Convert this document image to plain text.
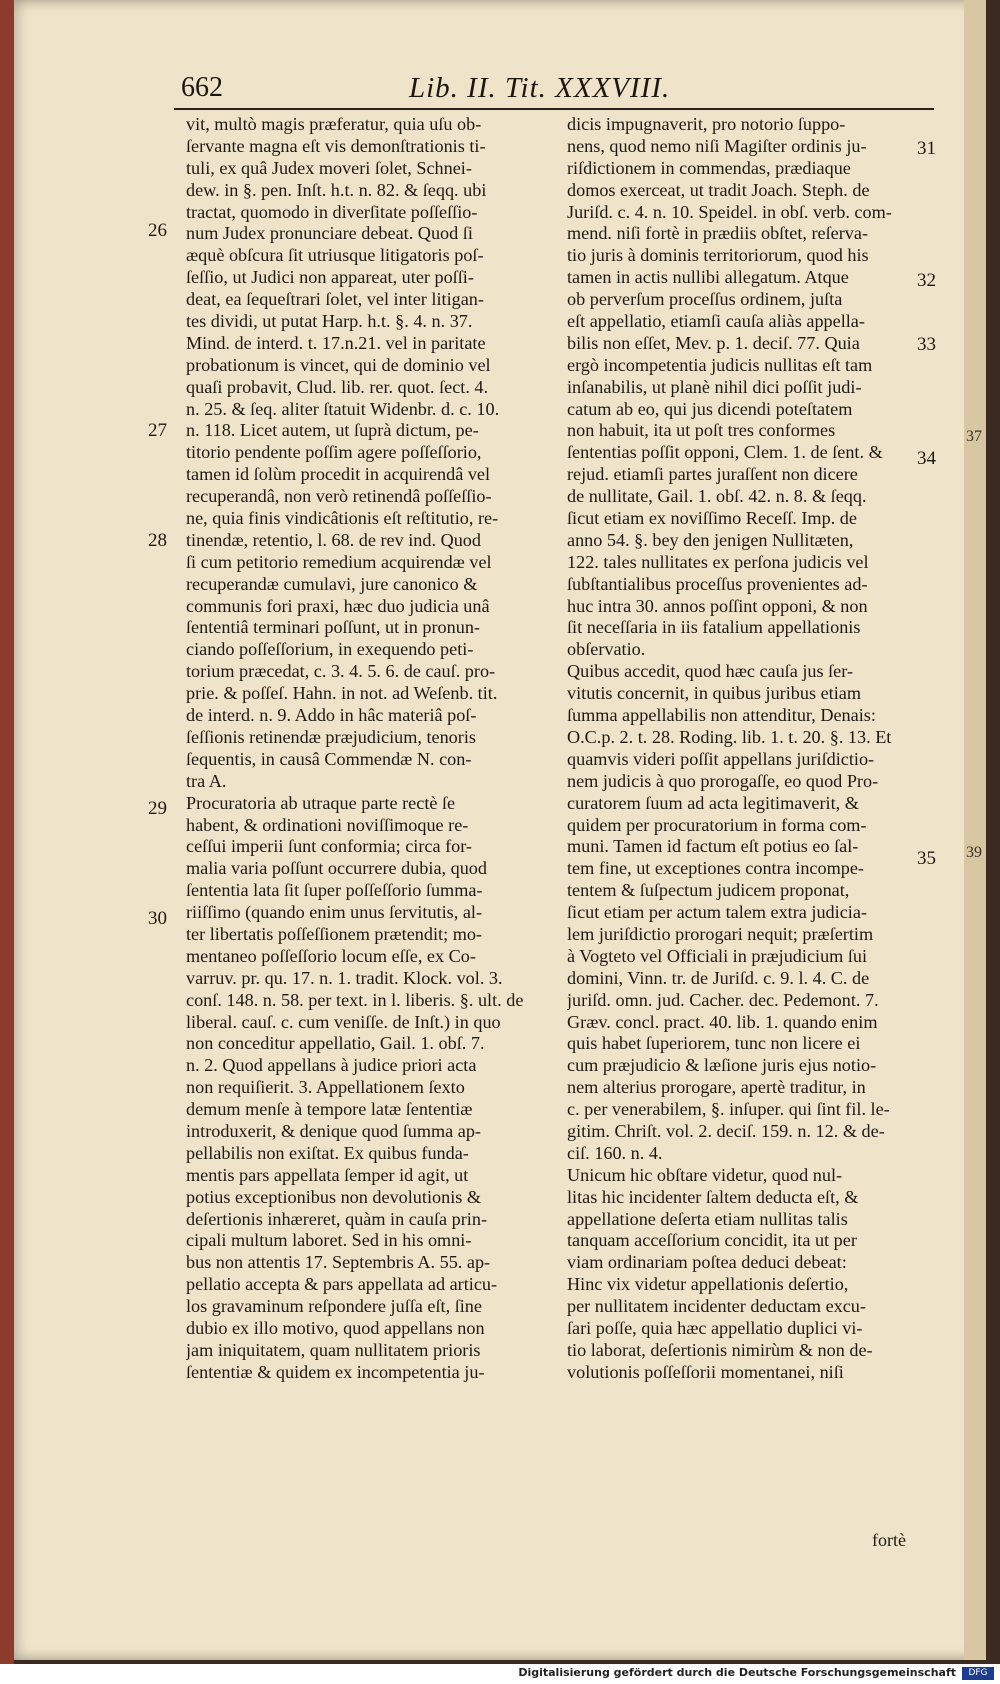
662	Lib. II. Tit. XXXVIII.
vit, multò magis præferatur, quia uſu ob-
ſervante magna eſt vis demonſtrationis ti-
tuli, ex quâ Judex moveri ſolet, Schnei-
dew. in §. pen. Inſt. h.t. n. 82. & ſeqq. ubi
tractat, quomodo in diverſitate poſſeſſio-
num Judex pronunciare debeat. Quod ſi
æquè obſcura ſit utriusque litigatoris poſ-
ſeſſio, ut Judici non appareat, uter poſſi-
deat, ea ſequeſtrari ſolet, vel inter litigan-
tes dividi, ut putat Harp. h.t. §. 4. n. 37.
Mind. de interd. t. 17.n.21. vel in paritate
probationum is vincet, qui de dominio vel
quaſi probavit, Clud. lib. rer. quot. ſect. 4.
n. 25. & ſeq. aliter ſtatuit Widenbr. d. c. 10.
n. 118. Licet autem, ut ſuprà dictum, pe-
titorio pendente poſſim agere poſſeſſorio,
tamen id ſolùm procedit in acquirendâ vel
recuperandâ, non verò retinendâ poſſeſſio-
ne, quia finis vindicâtionis eſt reſtitutio, re-
tinendæ, retentio, l. 68. de rev ind. Quod
ſi cum petitorio remedium acquirendæ vel
recuperandæ cumulavi, jure canonico &
communis fori praxi, hæc duo judicia unâ
ſententiâ terminari poſſunt, ut in pronun-
ciando poſſeſſorium, in exequendo peti-
torium præcedat, c. 3. 4. 5. 6. de cauſ. pro-
prie. & poſſeſ. Hahn. in not. ad Weſenb. tit.
de interd. n. 9. Addo in hâc materiâ poſ-
ſeſſionis retinendæ præjudicium, tenoris
ſequentis, in causâ Commendæ N. con-
tra A.
Procuratoria ab utraque parte rectè ſe
habent, & ordinationi noviſſimoque re-
ceſſui imperii ſunt conformia; circa for-
malia varia poſſunt occurrere dubia, quod
ſententia lata ſit ſuper poſſeſſorio ſumma-
riiſſimo (quando enim unus ſervitutis, al-
ter libertatis poſſeſſionem prætendit; mo-
mentaneo poſſeſſorio locum eſſe, ex Co-
varruv. pr. qu. 17. n. 1. tradit. Klock. vol. 3.
conſ. 148. n. 58. per text. in l. liberis. §. ult. de
liberal. cauſ. c. cum veniſſe. de Inſt.) in quo
non conceditur appellatio, Gail. 1. obſ. 7.
n. 2. Quod appellans à judice priori acta
non requiſierit. 3. Appellationem ſexto
demum menſe à tempore latæ ſententiæ
introduxerit, & denique quod ſumma ap-
pellabilis non exiſtat. Ex quibus funda-
mentis pars appellata ſemper id agit, ut
potius exceptionibus non devolutionis &
deſertionis inhæreret, quàm in cauſa prin-
cipali multum laboret. Sed in his omni-
bus non attentis 17. Septembris A. 55. ap-
pellatio accepta & pars appellata ad articu-
los gravaminum reſpondere juſſa eſt, ſine
dubio ex illo motivo, quod appellans non
jam iniquitatem, quam nullitatem prioris
ſententiæ & quidem ex incompetentia ju-
dicis impugnaverit, pro notorio ſuppo-
nens, quod nemo niſi Magiſter ordinis ju-
riſdictionem in commendas, prædiaque
domos exerceat, ut tradit Joach. Steph. de
Juriſd. c. 4. n. 10. Speidel. in obſ. verb. com-
mend. niſi fortè in prædiis obſtet, reſerva-
tio juris à dominis territoriorum, quod his
tamen in actis nullibi allegatum. Atque
ob perverſum proceſſus ordinem, juſta
eſt appellatio, etiamſi cauſa aliàs appella-
bilis non eſſet, Mev. p. 1. deciſ. 77. Quia
ergò incompetentia judicis nullitas eſt tam
inſanabilis, ut planè nihil dici poſſit judi-
catum ab eo, qui jus dicendi poteſtatem
non habuit, ita ut poſt tres conformes
ſententias poſſit opponi, Clem. 1. de ſent. &
rejud. etiamſi partes juraſſent non dicere
de nullitate, Gail. 1. obſ. 42. n. 8. & ſeqq.
ſicut etiam ex noviſſimo Receſſ. Imp. de
anno 54. §. bey den jenigen Nullitæten,
122. tales nullitates ex perſona judicis vel
ſubſtantialibus proceſſus provenientes ad-
huc intra 30. annos poſſint opponi, & non
ſit neceſſaria in iis fatalium appellationis
obſervatio.
Quibus accedit, quod hæc cauſa jus ſer-
vitutis concernit, in quibus juribus etiam
ſumma appellabilis non attenditur, Denais:
O.C.p. 2. t. 28. Roding. lib. 1. t. 20. §. 13. Et
quamvis videri poſſit appellans juriſdictio-
nem judicis à quo prorogaſſe, eo quod Pro-
curatorem ſuum ad acta legitimaverit, &
quidem per procuratorium in forma com-
muni. Tamen id factum eſt potius eo ſal-
tem fine, ut exceptiones contra incompe-
tentem & ſuſpectum judicem proponat,
ſicut etiam per actum talem extra judicia-
lem juriſdictio prorogari nequit; præſertim
à Vogteto vel Officiali in præjudicium ſui
domini, Vinn. tr. de Juriſd. c. 9. l. 4. C. de
juriſd. omn. jud. Cacher. dec. Pedemont. 7.
Græv. concl. pract. 40. lib. 1. quando enim
quis habet ſuperiorem, tunc non licere ei
cum præjudicio & læſione juris ejus notio-
nem alterius prorogare, apertè traditur, in
c. per venerabilem, §. inſuper. qui ſint fil. le-
gitim. Chriſt. vol. 2. deciſ. 159. n. 12. & de-
ciſ. 160. n. 4.
Unicum hic obſtare videtur, quod nul-
litas hic incidenter ſaltem deducta eſt, &
appellatione deſerta etiam nullitas talis
tanquam acceſſorium concidit, ita ut per
viam ordinariam poſtea deduci debeat:
Hinc vix videtur appellationis deſertio,
per nullitatem incidenter deductam excu-
ſari poſſe, quia hæc appellatio duplici vi-
tio laborat, deſertionis nimirùm & non de-
volutionis poſſeſſorii momentanei, niſi
26
27
28
29
30
31
32
33
34
35
37
39
fortè
Digitalisierung gefördert durch die Deutsche Forschungsgemeinschaft	DFG
